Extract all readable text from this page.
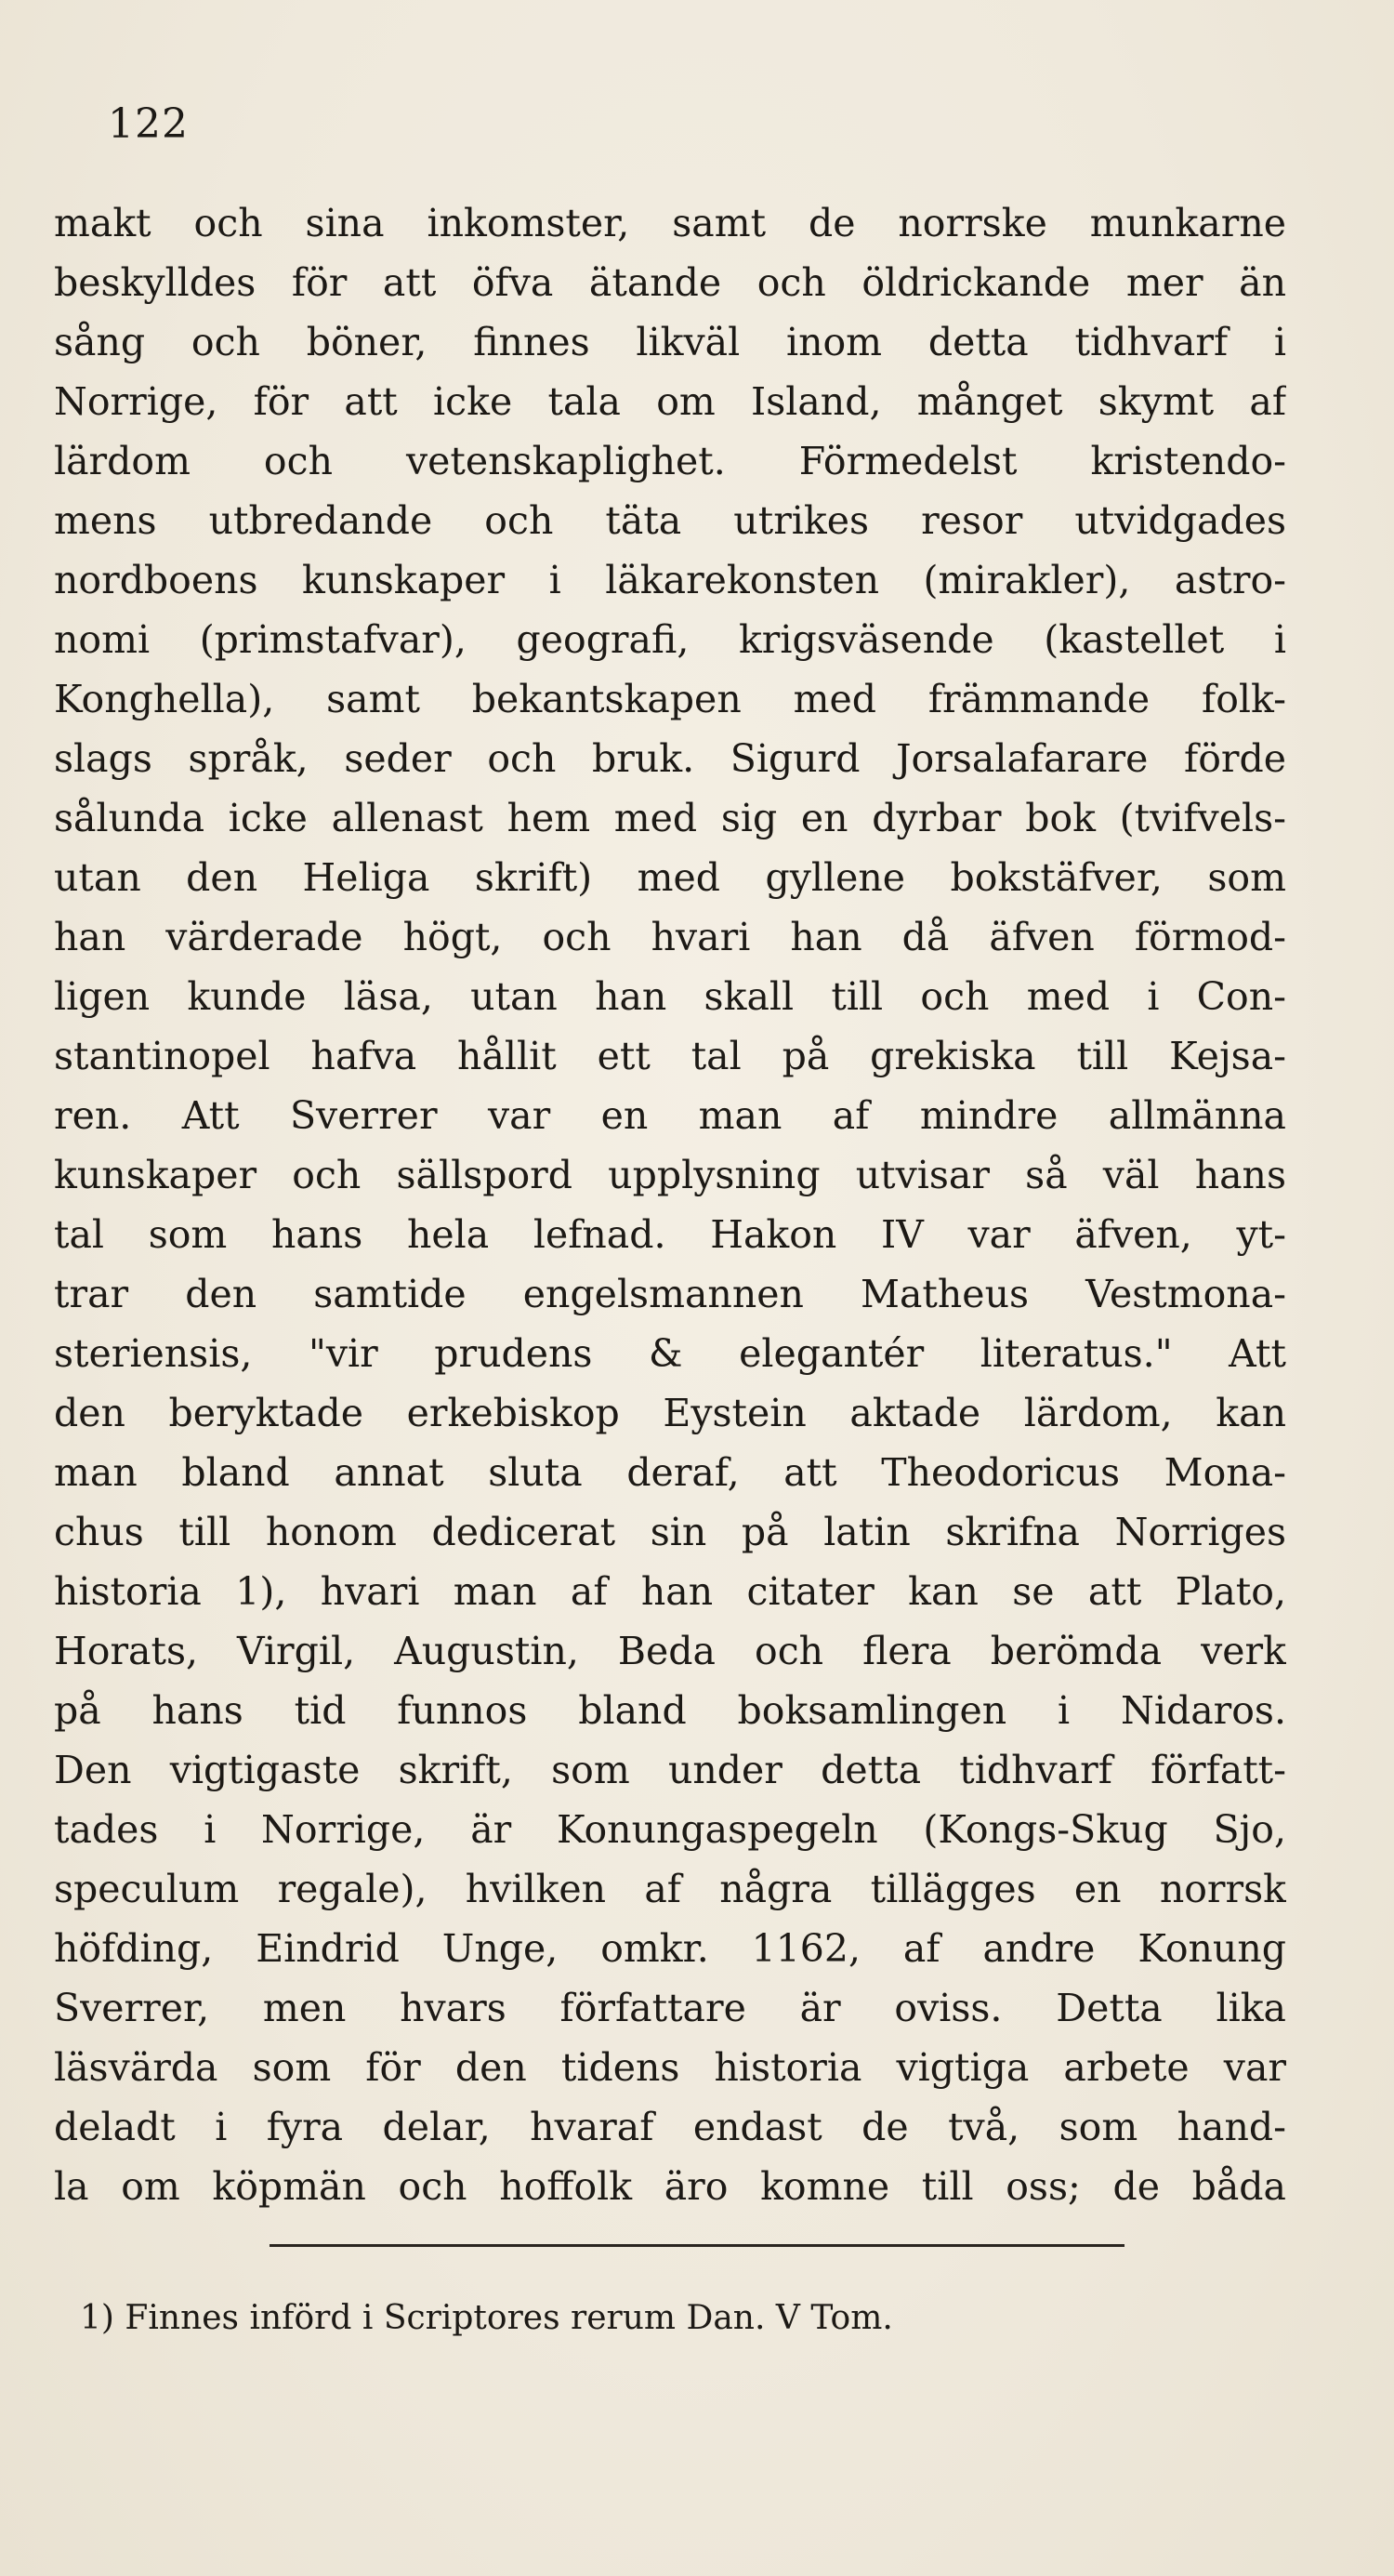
122
makt och sina inkomster, samt de norrske munkarne
beskylldes för att öfva ätande och öldrickande mer än
sång och böner, finnes likväl inom detta tidhvarf i
Norrige, för att icke tala om Island, månget skymt af
lärdom och vetenskaplighet. Förmedelst kristendo-
mens utbredande och täta utrikes resor utvidgades
nordboens kunskaper i läkarekonsten (mirakler), astro-
nomi (primstafvar), geografi, krigsväsende (kastellet i
Konghella), samt bekantskapen med främmande folk-
slags språk, seder och bruk. Sigurd Jorsalafarare förde
sålunda icke allenast hem med sig en dyrbar bok (tvifvels-
utan den Heliga skrift) med gyllene bokstäfver, som
han värderade högt, och hvari han då äfven förmod-
ligen kunde läsa, utan han skall till och med i Con-
stantinopel hafva hållit ett tal på grekiska till Kejsa-
ren. Att Sverrer var en man af mindre allmänna
kunskaper och sällspord upplysning utvisar så väl hans
tal som hans hela lefnad. Hakon IV var äfven, yt-
trar den samtide engelsmannen Matheus Vestmona-
steriensis, "vir prudens & elegantér literatus." Att
den beryktade erkebiskop Eystein aktade lärdom, kan
man bland annat sluta deraf, att Theodoricus Mona-
chus till honom dedicerat sin på latin skrifna Norriges
historia 1), hvari man af han citater kan se att Plato,
Horats, Virgil, Augustin, Beda och flera berömda verk
på hans tid funnos bland boksamlingen i Nidaros.
Den vigtigaste skrift, som under detta tidhvarf författ-
tades i Norrige, är Konungaspegeln (Kongs-Skug Sjo,
speculum regale), hvilken af några tillägges en norrsk
höfding, Eindrid Unge, omkr. 1162, af andre Konung
Sverrer, men hvars författare är oviss. Detta lika
läsvärda som för den tidens historia vigtiga arbete var
deladt i fyra delar, hvaraf endast de två, som hand-
la om köpmän och hoffolk äro komne till oss; de båda
1) Finnes införd i Scriptores rerum Dan. V Tom.
